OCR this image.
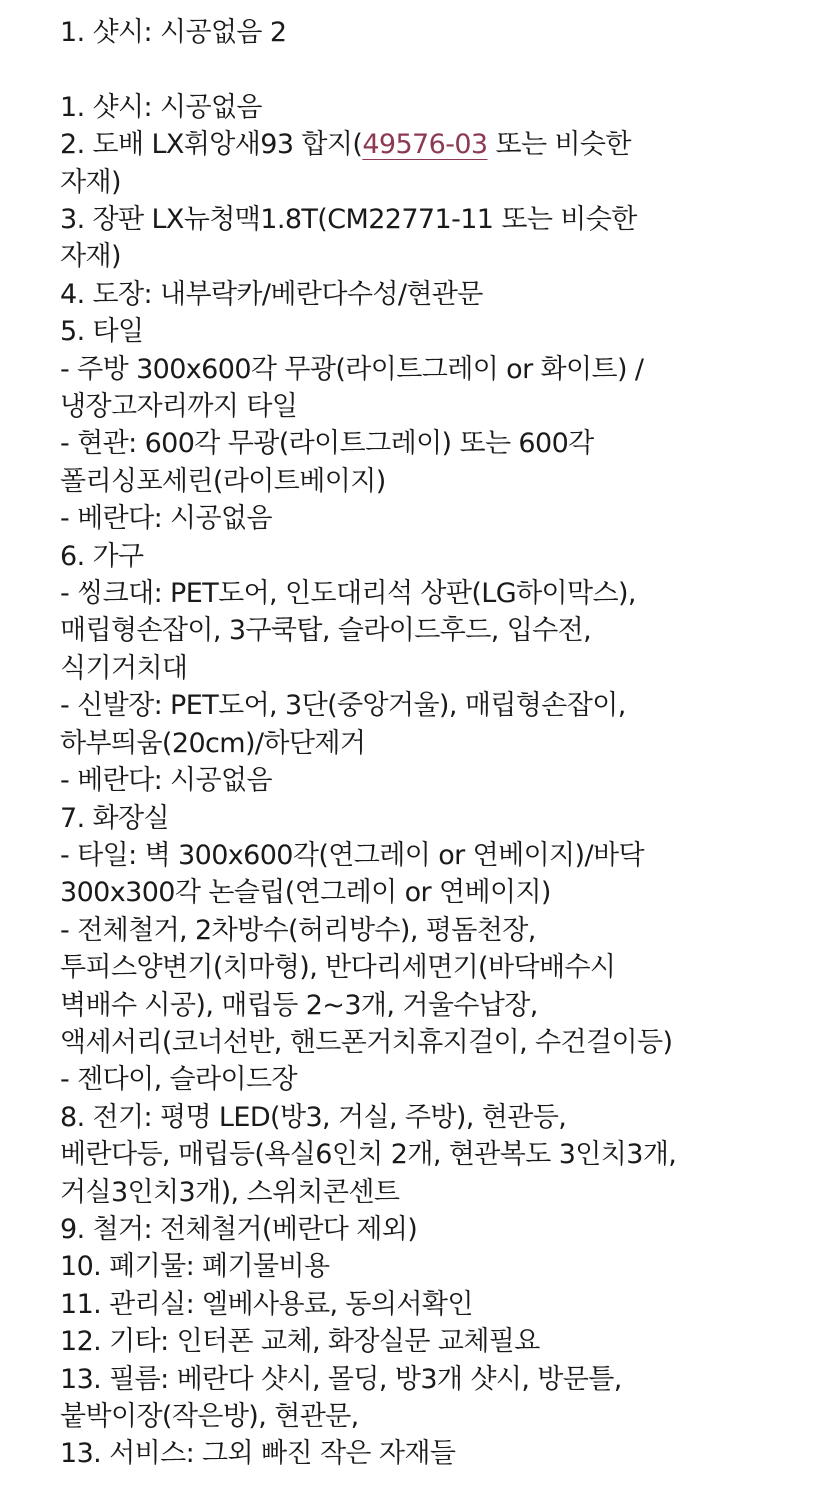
1. 샷시: 시공없음 2
1. 샷시: 시공없음
2. 도배 LX휘앙새93 합지(49576-03 또는 비슷한
자재)
3. 장판 LX뉴청맥1.8T(CM22771-11 또는 비슷한
자재)
4. 도장: 내부락카/베란다수성/현관문
5. 타일
- 주방 300x600각 무광(라이트그레이 or 화이트) /
냉장고자리까지 타일
- 현관: 600각 무광(라이트그레이) 또는 600각
폴리싱포세린(라이트베이지)
- 베란다: 시공없음
6. 가구
- 씽크대: PET도어, 인도대리석 상판(LG하이막스),
매립형손잡이, 3구쿡탑, 슬라이드후드, 입수전,
식기거치대
- 신발장: PET도어, 3단(중앙거울), 매립형손잡이,
하부띄움(20cm)/하단제거
- 베란다: 시공없음
7. 화장실
- 타일: 벽 300x600각(연그레이 or 연베이지)/바닥
300x300각 논슬립(연그레이 or 연베이지)
- 전체철거, 2차방수(허리방수), 평돔천장,
투피스양변기(치마형), 반다리세면기(바닥배수시
벽배수 시공), 매립등 2~3개, 거울수납장,
액세서리(코너선반, 핸드폰거치휴지걸이, 수건걸이등)
- 젠다이, 슬라이드장
8. 전기: 평명 LED(방3, 거실, 주방), 현관등,
베란다등, 매립등(욕실6인치 2개, 현관복도 3인치3개,
거실3인치3개), 스위치콘센트
9. 철거: 전체철거(베란다 제외)
10. 폐기물: 폐기물비용
11. 관리실: 엘베사용료, 동의서확인
12. 기타: 인터폰 교체, 화장실문 교체필요
13. 필름: 베란다 샷시, 몰딩, 방3개 샷시, 방문틀,
붙박이장(작은방), 현관문,
13. 서비스: 그외 빠진 작은 자재들
